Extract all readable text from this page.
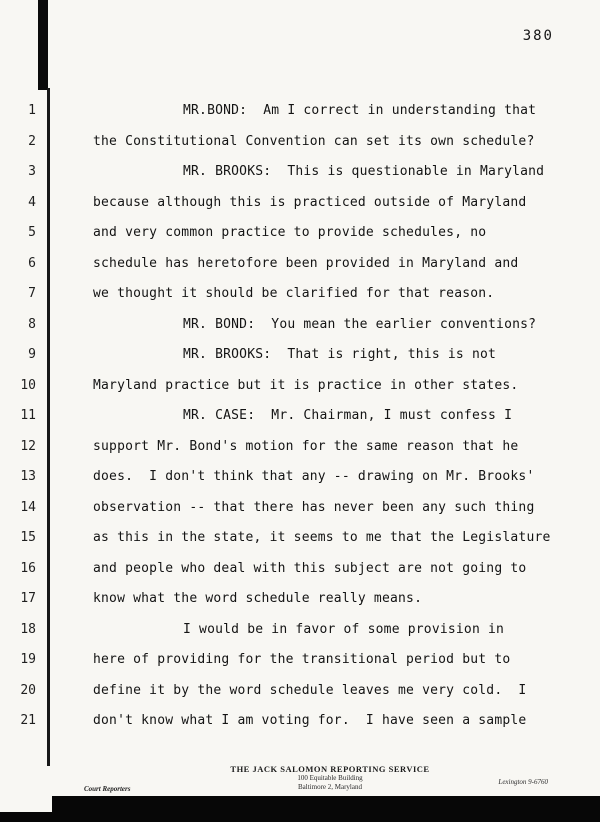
380
1	MR.BOND:  Am I correct in understanding that
2	the Constitutional Convention can set its own schedule?
3	MR. BROOKS:  This is questionable in Maryland
4	because although this is practiced outside of Maryland
5	and very common practice to provide schedules, no
6	schedule has heretofore been provided in Maryland and
7	we thought it should be clarified for that reason.
8	MR. BOND:  You mean the earlier conventions?
9	MR. BROOKS:  That is right, this is not
10	Maryland practice but it is practice in other states.
11	MR. CASE:  Mr. Chairman, I must confess I
12	support Mr. Bond's motion for the same reason that he
13	does.  I don't think that any -- drawing on Mr. Brooks'
14	observation -- that there has never been any such thing
15	as this in the state, it seems to me that the Legislature
16	and people who deal with this subject are not going to
17	know what the word schedule really means.
18	I would be in favor of some provision in
19	here of providing for the transitional period but to
20	define it by the word schedule leaves me very cold.  I
21	don't know what I am voting for.  I have seen a sample
THE JACK SALOMON REPORTING SERVICE
100 Equitable Building
Baltimore 2, Maryland
Court Reporters
Lexington 9-6760
